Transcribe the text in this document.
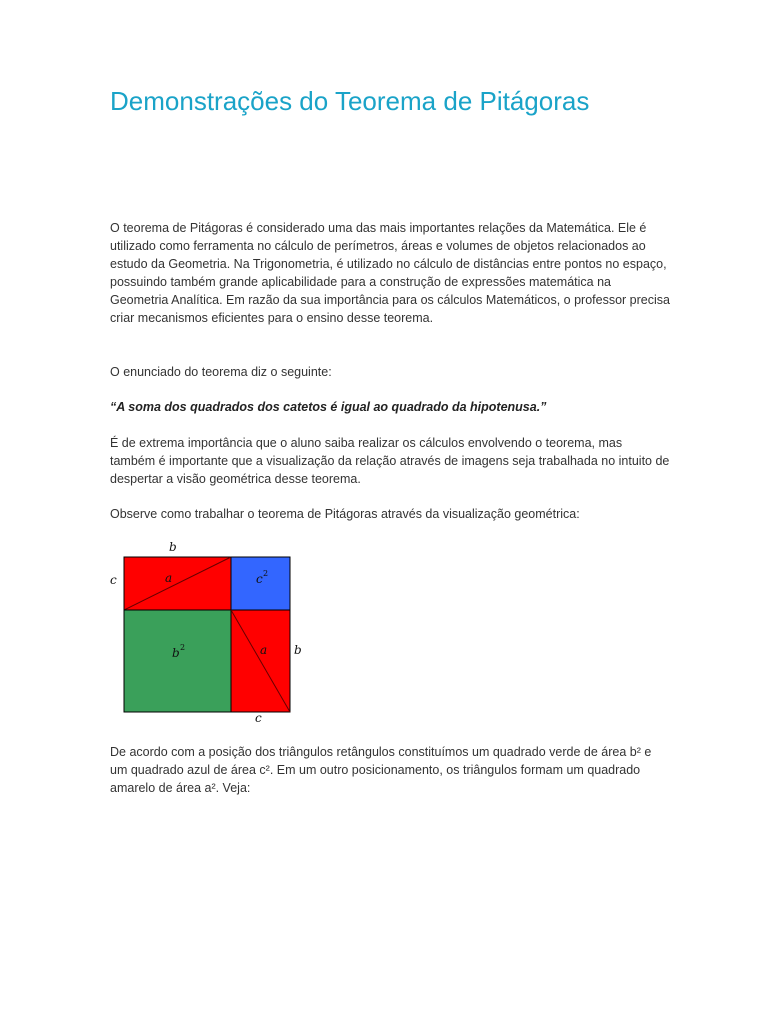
Demonstrações do Teorema de Pitágoras

O teorema de Pitágoras é considerado uma das mais importantes relações da Matemática. Ele é utilizado como ferramenta no cálculo de perímetros, áreas e volumes de objetos relacionados ao estudo da Geometria. Na Trigonometria, é utilizado no cálculo de distâncias entre pontos no espaço, possuindo também grande aplicabilidade para a construção de expressões matemática na Geometria Analítica. Em razão da sua importância para os cálculos Matemáticos, o professor precisa criar mecanismos eficientes para o ensino desse teorema.

O enunciado do teorema diz o seguinte:

“A soma dos quadrados dos catetos é igual ao quadrado da hipotenusa.”

É de extrema importância que o aluno saiba realizar os cálculos envolvendo o teorema, mas também é importante que a visualização da relação através de imagens seja trabalhada no intuito de despertar a visão geométrica desse teorema.

Observe como trabalhar o teorema de Pitágoras através da visualização geométrica:

b
c	a	c 2
b 2	a b
c

De acordo com a posição dos triângulos retângulos constituímos um quadrado verde de área b² e um quadrado azul de área c². Em um outro posicionamento, os triângulos formam um quadrado amarelo de área a². Veja:
